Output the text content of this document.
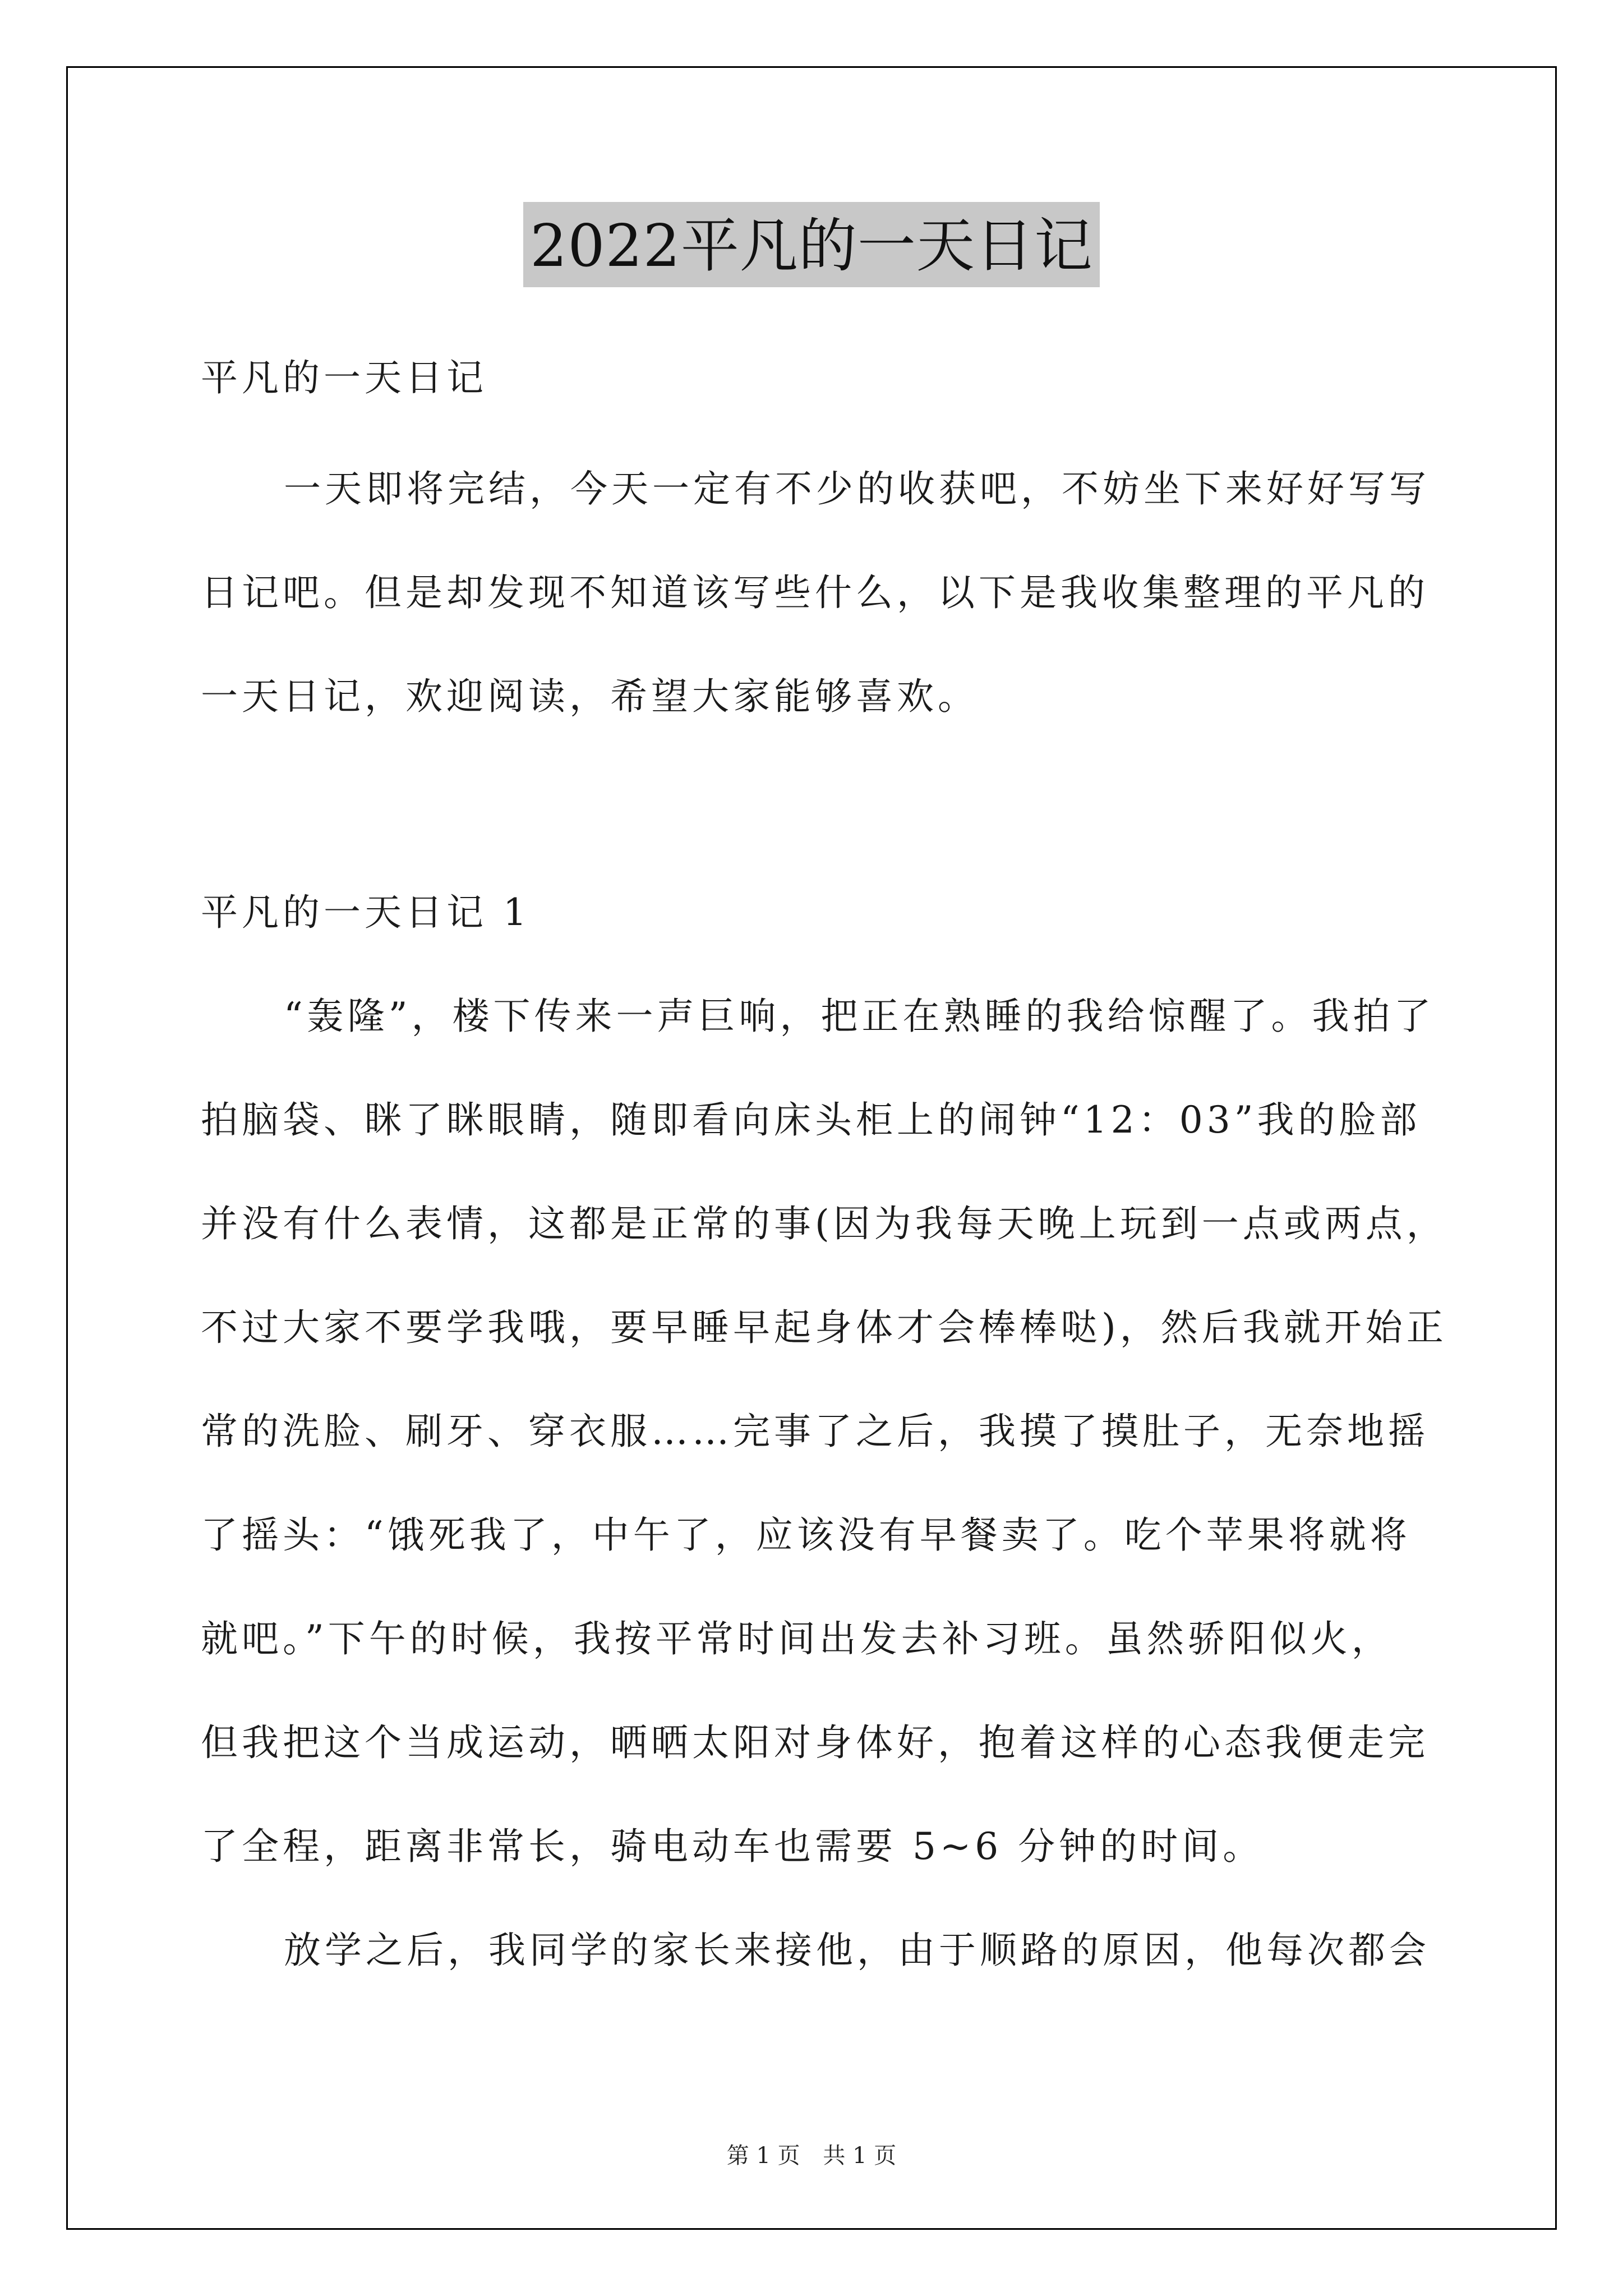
2022平凡的一天日记
平凡的一天日记
一天即将完结，今天一定有不少的收获吧，不妨坐下来好好写写
日记吧。但是却发现不知道该写些什么，以下是我收集整理的平凡的
一天日记，欢迎阅读，希望大家能够喜欢。
平凡的一天日记 1
“轰隆”，楼下传来一声巨响，把正在熟睡的我给惊醒了。我拍了
拍脑袋、眯了眯眼睛，随即看向床头柜上的闹钟“12：03”我的脸部
并没有什么表情，这都是正常的事(因为我每天晚上玩到一点或两点，
不过大家不要学我哦，要早睡早起身体才会棒棒哒)，然后我就开始正
常的洗脸、刷牙、穿衣服……完事了之后，我摸了摸肚子，无奈地摇
了摇头：“饿死我了，中午了，应该没有早餐卖了。吃个苹果将就将
就吧。”下午的时候，我按平常时间出发去补习班。虽然骄阳似火，
但我把这个当成运动，晒晒太阳对身体好，抱着这样的心态我便走完
了全程，距离非常长，骑电动车也需要 5~6 分钟的时间。
放学之后，我同学的家长来接他，由于顺路的原因，他每次都会
第 1 页 共 1 页
